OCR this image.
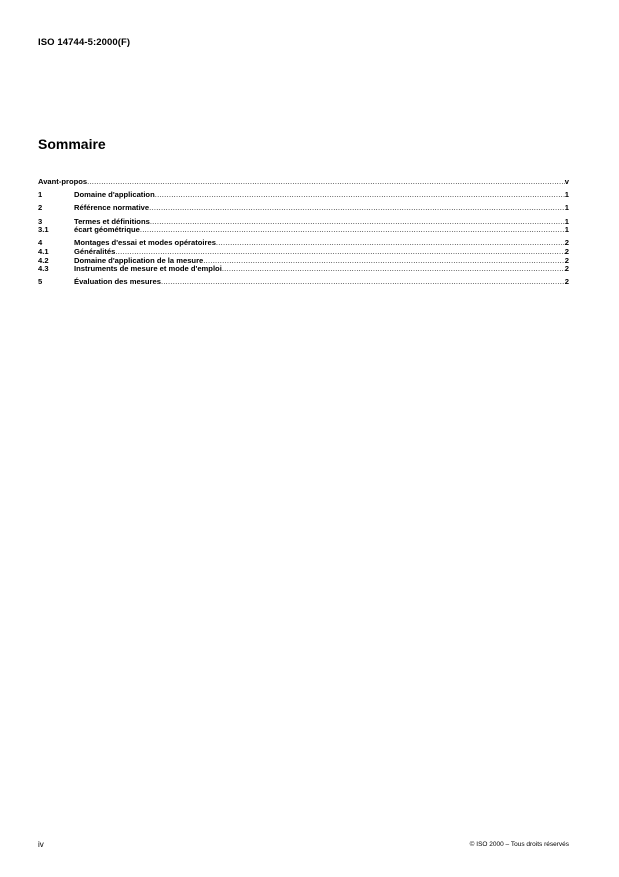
ISO 14744-5:2000(F)
Sommaire
Avant-propos .....	v
1	Domaine d'application .....	1
2	Référence normative .....	1
3	Termes et définitions .....	1
3.1	écart géométrique .....	1
4	Montages d'essai et modes opératoires .....	2
4.1	Généralités .....	2
4.2	Domaine d'application de la mesure .....	2
4.3	Instruments de mesure et mode d'emploi .....	2
5	Évaluation des mesures .....	2
iv	© ISO 2000 – Tous droits réservés
